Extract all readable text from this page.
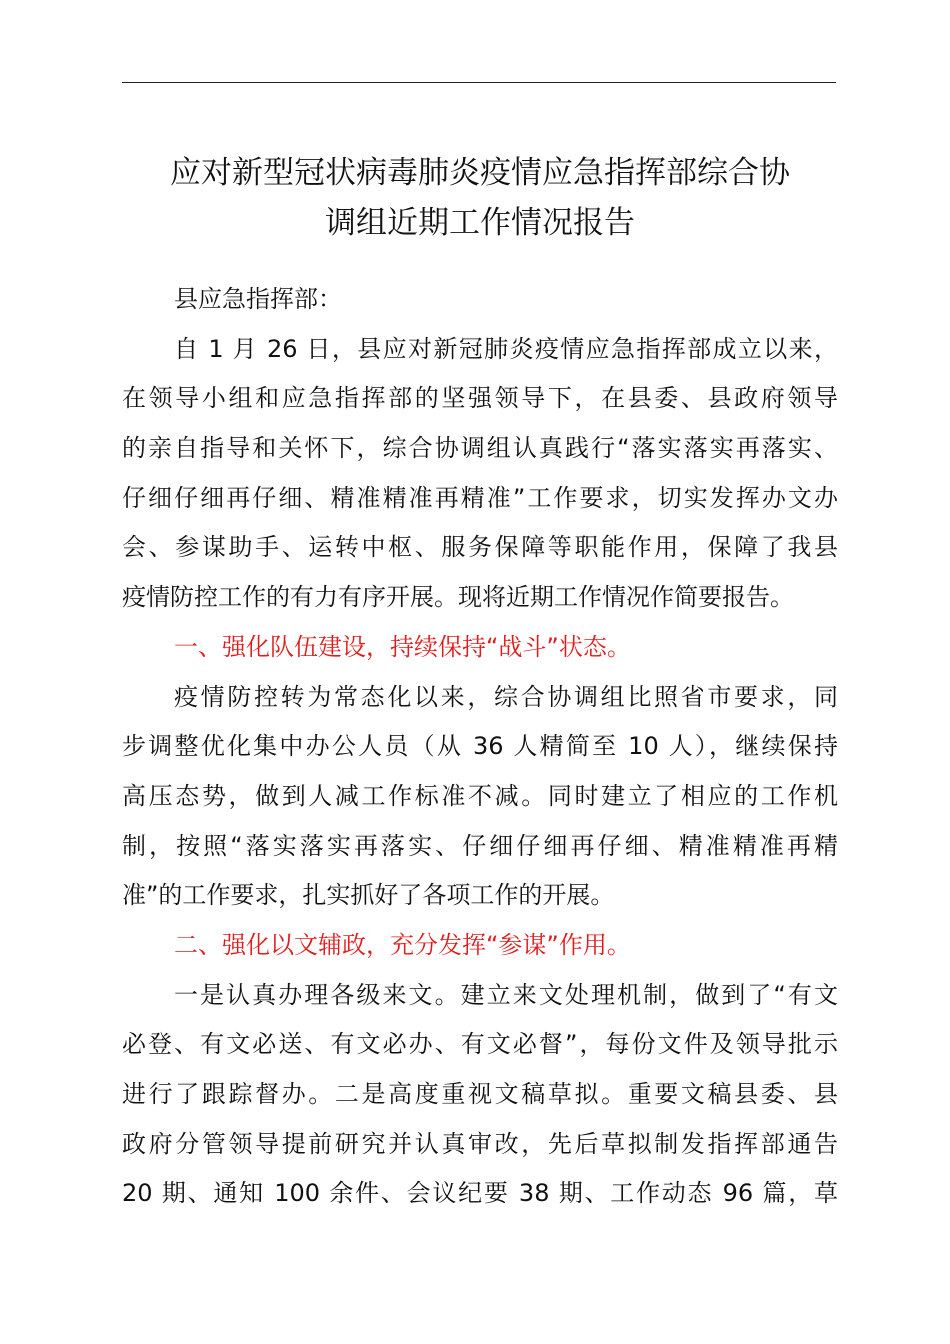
应对新型冠状病毒肺炎疫情应急指挥部综合协
调组近期工作情况报告
县应急指挥部：
自 1 月 26 日，县应对新冠肺炎疫情应急指挥部成立以来，
在领导小组和应急指挥部的坚强领导下，在县委、县政府领导
的亲自指导和关怀下，综合协调组认真践行“落实落实再落实、
仔细仔细再仔细、精准精准再精准”工作要求，切实发挥办文办
会、参谋助手、运转中枢、服务保障等职能作用，保障了我县
疫情防控工作的有力有序开展。现将近期工作情况作简要报告。
一、强化队伍建设，持续保持“战斗”状态。
疫情防控转为常态化以来，综合协调组比照省市要求，同
步调整优化集中办公人员（从 36 人精简至 10 人），继续保持
高压态势，做到人减工作标准不减。同时建立了相应的工作机
制，按照“落实落实再落实、仔细仔细再仔细、精准精准再精
准”的工作要求，扎实抓好了各项工作的开展。
二、强化以文辅政，充分发挥“参谋”作用。
一是认真办理各级来文。建立来文处理机制，做到了“有文
必登、有文必送、有文必办、有文必督”，每份文件及领导批示
进行了跟踪督办。二是高度重视文稿草拟。重要文稿县委、县
政府分管领导提前研究并认真审改，先后草拟制发指挥部通告
20 期、通知 100 余件、会议纪要 38 期、工作动态 96 篇，草
